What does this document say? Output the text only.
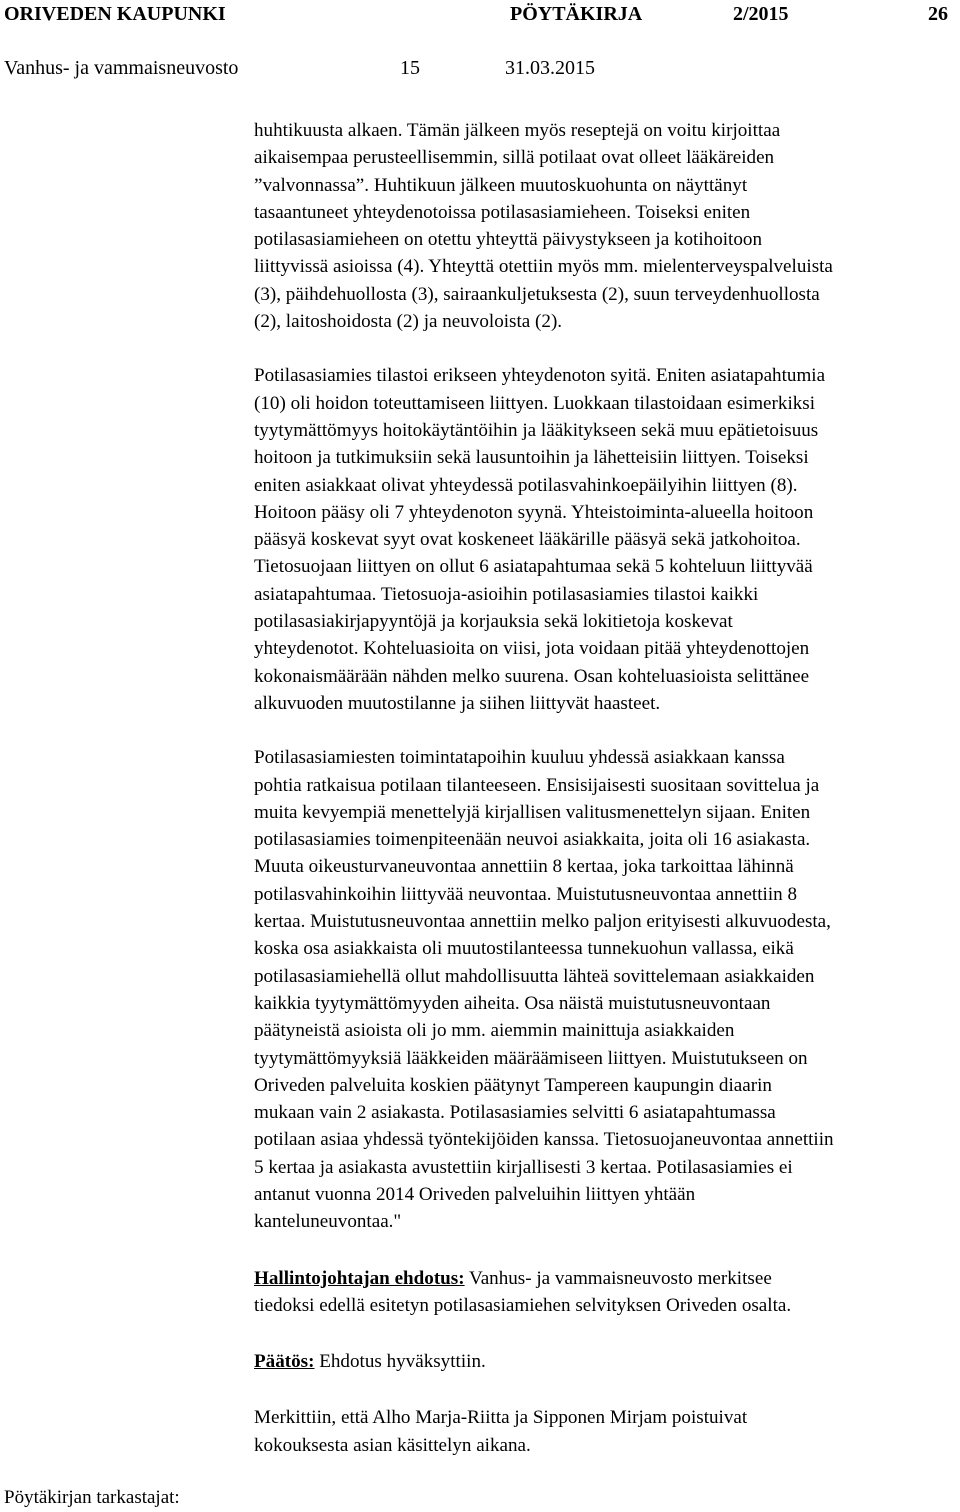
ORIVEDEN KAUPUNKI	PÖYTÄKIRJA	2/2015	26
Vanhus- ja vammaisneuvosto	15	31.03.2015
huhtikuusta alkaen. Tämän jälkeen myös reseptejä on voitu kirjoittaa
aikaisempaa perusteellisemmin, sillä potilaat ovat olleet lääkäreiden
”valvonnassa”. Huhtikuun jälkeen muutoskuohunta on näyttänyt
tasaantuneet yhteydenotoissa potilasasiamieheen. Toiseksi eniten
potilasasiamieheen on otettu yhteyttä päivystykseen ja kotihoitoon
liittyvissä asioissa (4). Yhteyttä otettiin myös mm. mielenterveyspalveluista
(3), päihdehuollosta (3), sairaankuljetuksesta (2), suun terveydenhuollosta
(2), laitoshoidosta (2) ja neuvoloista (2).
Potilasasiamies tilastoi erikseen yhteydenoton syitä. Eniten asiatapahtumia
(10) oli hoidon toteuttamiseen liittyen. Luokkaan tilastoidaan esimerkiksi
tyytymättömyys hoitokäytäntöihin ja lääkitykseen sekä muu epätietoisuus
hoitoon ja tutkimuksiin sekä lausuntoihin ja lähetteisiin liittyen. Toiseksi
eniten asiakkaat olivat yhteydessä potilasvahinkoepäilyihin liittyen (8).
Hoitoon pääsy oli 7 yhteydenoton syynä. Yhteistoiminta-alueella hoitoon
pääsyä koskevat syyt ovat koskeneet lääkärille pääsyä sekä jatkohoitoa.
Tietosuojaan liittyen on ollut 6 asiatapahtumaa sekä 5 kohteluun liittyvää
asiatapahtumaa. Tietosuoja-asioihin potilasasiamies tilastoi kaikki
potilasasiakirjapyyntöjä ja korjauksia sekä lokitietoja koskevat
yhteydenotot. Kohteluasioita on viisi, jota voidaan pitää yhteydenottojen
kokonaismäärään nähden melko suurena. Osan kohteluasioista selittänee
alkuvuoden muutostilanne ja siihen liittyvät haasteet.
Potilasasiamiesten toimintatapoihin kuuluu yhdessä asiakkaan kanssa
pohtia ratkaisua potilaan tilanteeseen. Ensisijaisesti suositaan sovittelua ja
muita kevyempiä menettelyjä kirjallisen valitusmenettelyn sijaan. Eniten
potilasasiamies toimenpiteenään neuvoi asiakkaita, joita oli 16 asiakasta.
Muuta oikeusturvaneuvontaa annettiin 8 kertaa, joka tarkoittaa lähinnä
potilasvahinkoihin liittyvää neuvontaa. Muistutusneuvontaa annettiin 8
kertaa. Muistutusneuvontaa annettiin melko paljon erityisesti alkuvuodesta,
koska osa asiakkaista oli muutostilanteessa tunnekuohun vallassa, eikä
potilasasiamiehellä ollut mahdollisuutta lähteä sovittelemaan asiakkaiden
kaikkia tyytymättömyyden aiheita. Osa näistä muistutusneuvontaan
päätyneistä asioista oli jo mm. aiemmin mainittuja asiakkaiden
tyytymättömyyksiä lääkkeiden määräämiseen liittyen. Muistutukseen on
Oriveden palveluita koskien päätynyt Tampereen kaupungin diaarin
mukaan vain 2 asiakasta. Potilasasiamies selvitti 6 asiatapahtumassa
potilaan asiaa yhdessä työntekijöiden kanssa. Tietosuojaneuvontaa annettiin
5 kertaa ja asiakasta avustettiin kirjallisesti 3 kertaa. Potilasasiamies ei
antanut vuonna 2014 Oriveden palveluihin liittyen yhtään
kanteluneuvontaa."
Hallintojohtajan ehdotus: Vanhus- ja vammaisneuvosto merkitsee
tiedoksi edellä esitetyn potilasasiamiehen selvityksen Oriveden osalta.
Päätös: Ehdotus hyväksyttiin.
Merkittiin, että Alho Marja-Riitta ja Sipponen Mirjam poistuivat
kokouksesta asian käsittelyn aikana.
Pöytäkirjan tarkastajat:
